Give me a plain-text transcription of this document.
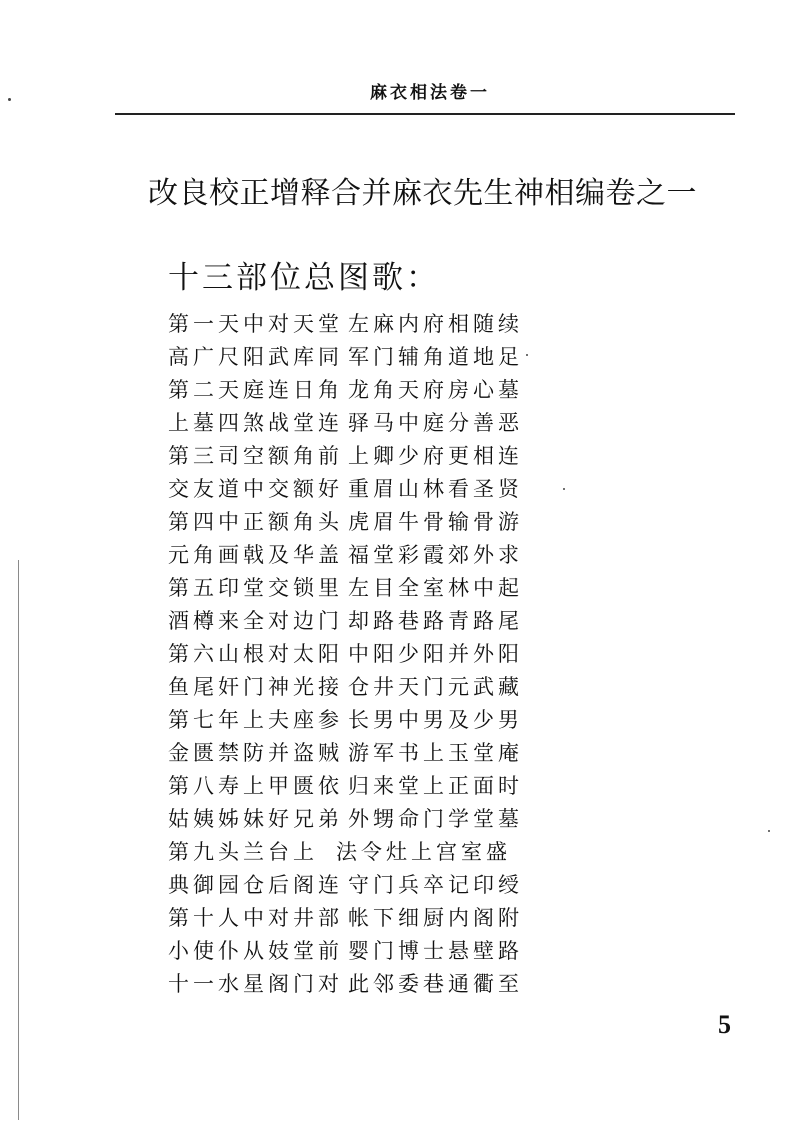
麻衣相法卷一
改良校正增释合并麻衣先生神相编卷之一
十三部位总图歌：
第一天中对天堂 左麻内府相随续
高广尺阳武库同 军门辅角道地足
第二天庭连日角 龙角天府房心墓
上墓四煞战堂连 驿马中庭分善恶
第三司空额角前 上卿少府更相连
交友道中交额好 重眉山林看圣贤
第四中正额角头 虎眉牛骨输骨游
元角画戟及华盖 福堂彩霞郊外求
第五印堂交锁里 左目全室林中起
酒樽来全对边门 却路巷路青路尾
第六山根对太阳 中阳少阳并外阳
鱼尾奸门神光接 仓井天门元武藏
第七年上夫座参 长男中男及少男
金匮禁防并盗贼 游军书上玉堂庵
第八寿上甲匮依 归来堂上正面时
姑姨姊妹好兄弟 外甥命门学堂墓
第九头兰台上 法令灶上宫室盛
典御园仓后阁连 守门兵卒记印绶
第十人中对井部 帐下细厨内阁附
小使仆从妓堂前 婴门博士悬壁路
十一水星阁门对 此邻委巷通衢至
5
